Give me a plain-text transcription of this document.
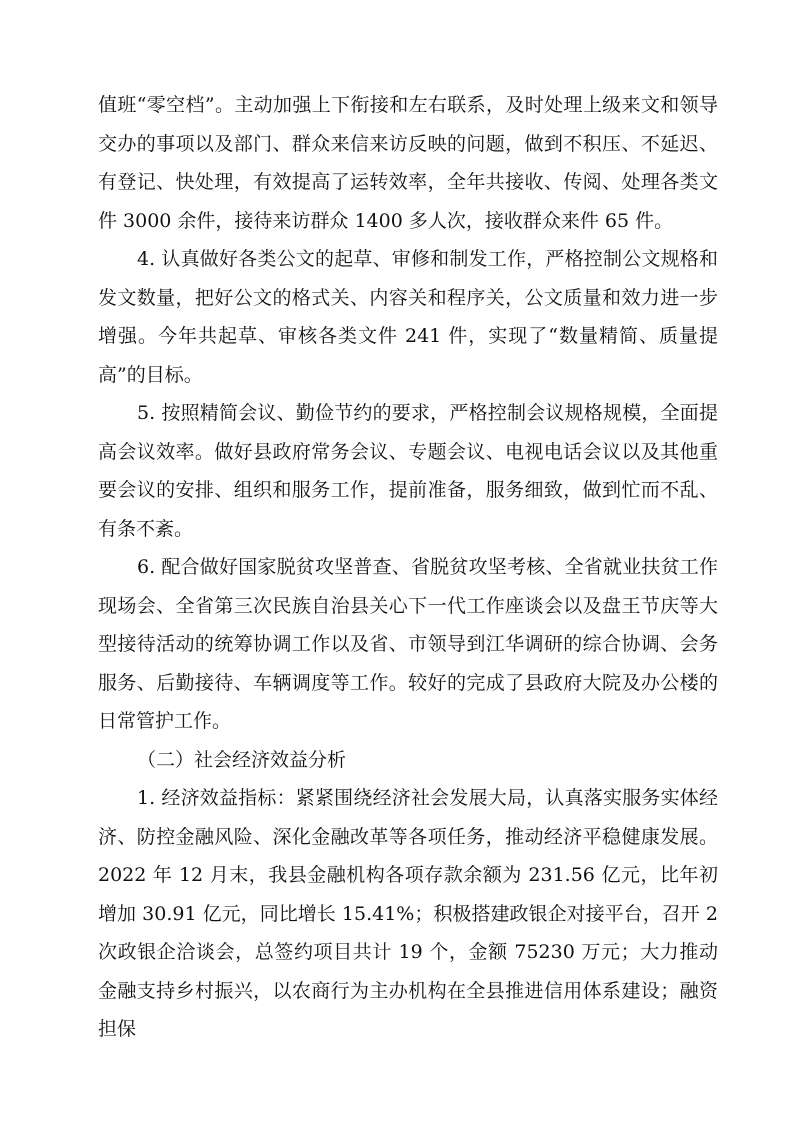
值班“零空档”。主动加强上下衔接和左右联系，及时处理上级来文和领导交办的事项以及部门、群众来信来访反映的问题，做到不积压、不延迟、有登记、快处理，有效提高了运转效率，全年共接收、传阅、处理各类文件 3000 余件，接待来访群众 1400 多人次，接收群众来件 65 件。

4. 认真做好各类公文的起草、审修和制发工作，严格控制公文规格和发文数量，把好公文的格式关、内容关和程序关，公文质量和效力进一步增强。今年共起草、审核各类文件 241 件，实现了“数量精简、质量提高”的目标。

5. 按照精简会议、勤俭节约的要求，严格控制会议规格规模，全面提高会议效率。做好县政府常务会议、专题会议、电视电话会议以及其他重要会议的安排、组织和服务工作，提前准备，服务细致，做到忙而不乱、有条不紊。

6. 配合做好国家脱贫攻坚普查、省脱贫攻坚考核、全省就业扶贫工作现场会、全省第三次民族自治县关心下一代工作座谈会以及盘王节庆等大型接待活动的统筹协调工作以及省、市领导到江华调研的综合协调、会务服务、后勤接待、车辆调度等工作。较好的完成了县政府大院及办公楼的日常管护工作。

（二）社会经济效益分析

1. 经济效益指标：紧紧围绕经济社会发展大局，认真落实服务实体经济、防控金融风险、深化金融改革等各项任务，推动经济平稳健康发展。2022 年 12 月末，我县金融机构各项存款余额为 231.56 亿元，比年初增加 30.91 亿元，同比增长 15.41%；积极搭建政银企对接平台，召开 2 次政银企洽谈会，总签约项目共计 19 个，金额 75230 万元；大力推动金融支持乡村振兴，以农商行为主办机构在全县推进信用体系建设；融资担保
